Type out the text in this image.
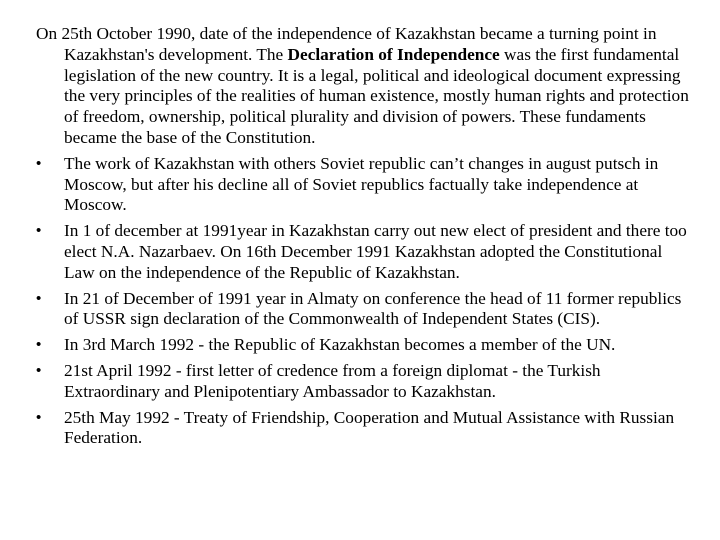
On 25th October 1990, date of the independence of Kazakhstan became a turning point in Kazakhstan's development. The Declaration of Independence was the first fundamental legislation of the new country. It is a legal, political and ideological document expressing the very principles of the realities of human existence, mostly human rights and protection of freedom, ownership, political plurality and division of powers. These fundaments became the base of the Constitution.
•	The work of Kazakhstan with others Soviet republic can’t changes in august putsch in Moscow, but after his decline all of Soviet republics factually take independence at Moscow.
•	In 1 of december at 1991year in Kazakhstan carry out new elect of president and there too elect N.A. Nazarbaev. On 16th December 1991 Kazakhstan adopted the Constitutional Law on the independence of the Republic of Kazakhstan.
•	In 21 of December of 1991 year in Almaty on conference the head of 11 former republics of USSR sign declaration of the Commonwealth of Independent States (CIS).
•	In 3rd March 1992 - the Republic of Kazakhstan becomes a member of the UN.
•	21st April 1992 - first letter of credence from a foreign diplomat - the Turkish Extraordinary and Plenipotentiary Ambassador to Kazakhstan.
•	25th May 1992 - Treaty of Friendship, Cooperation and Mutual Assistance with Russian Federation.
